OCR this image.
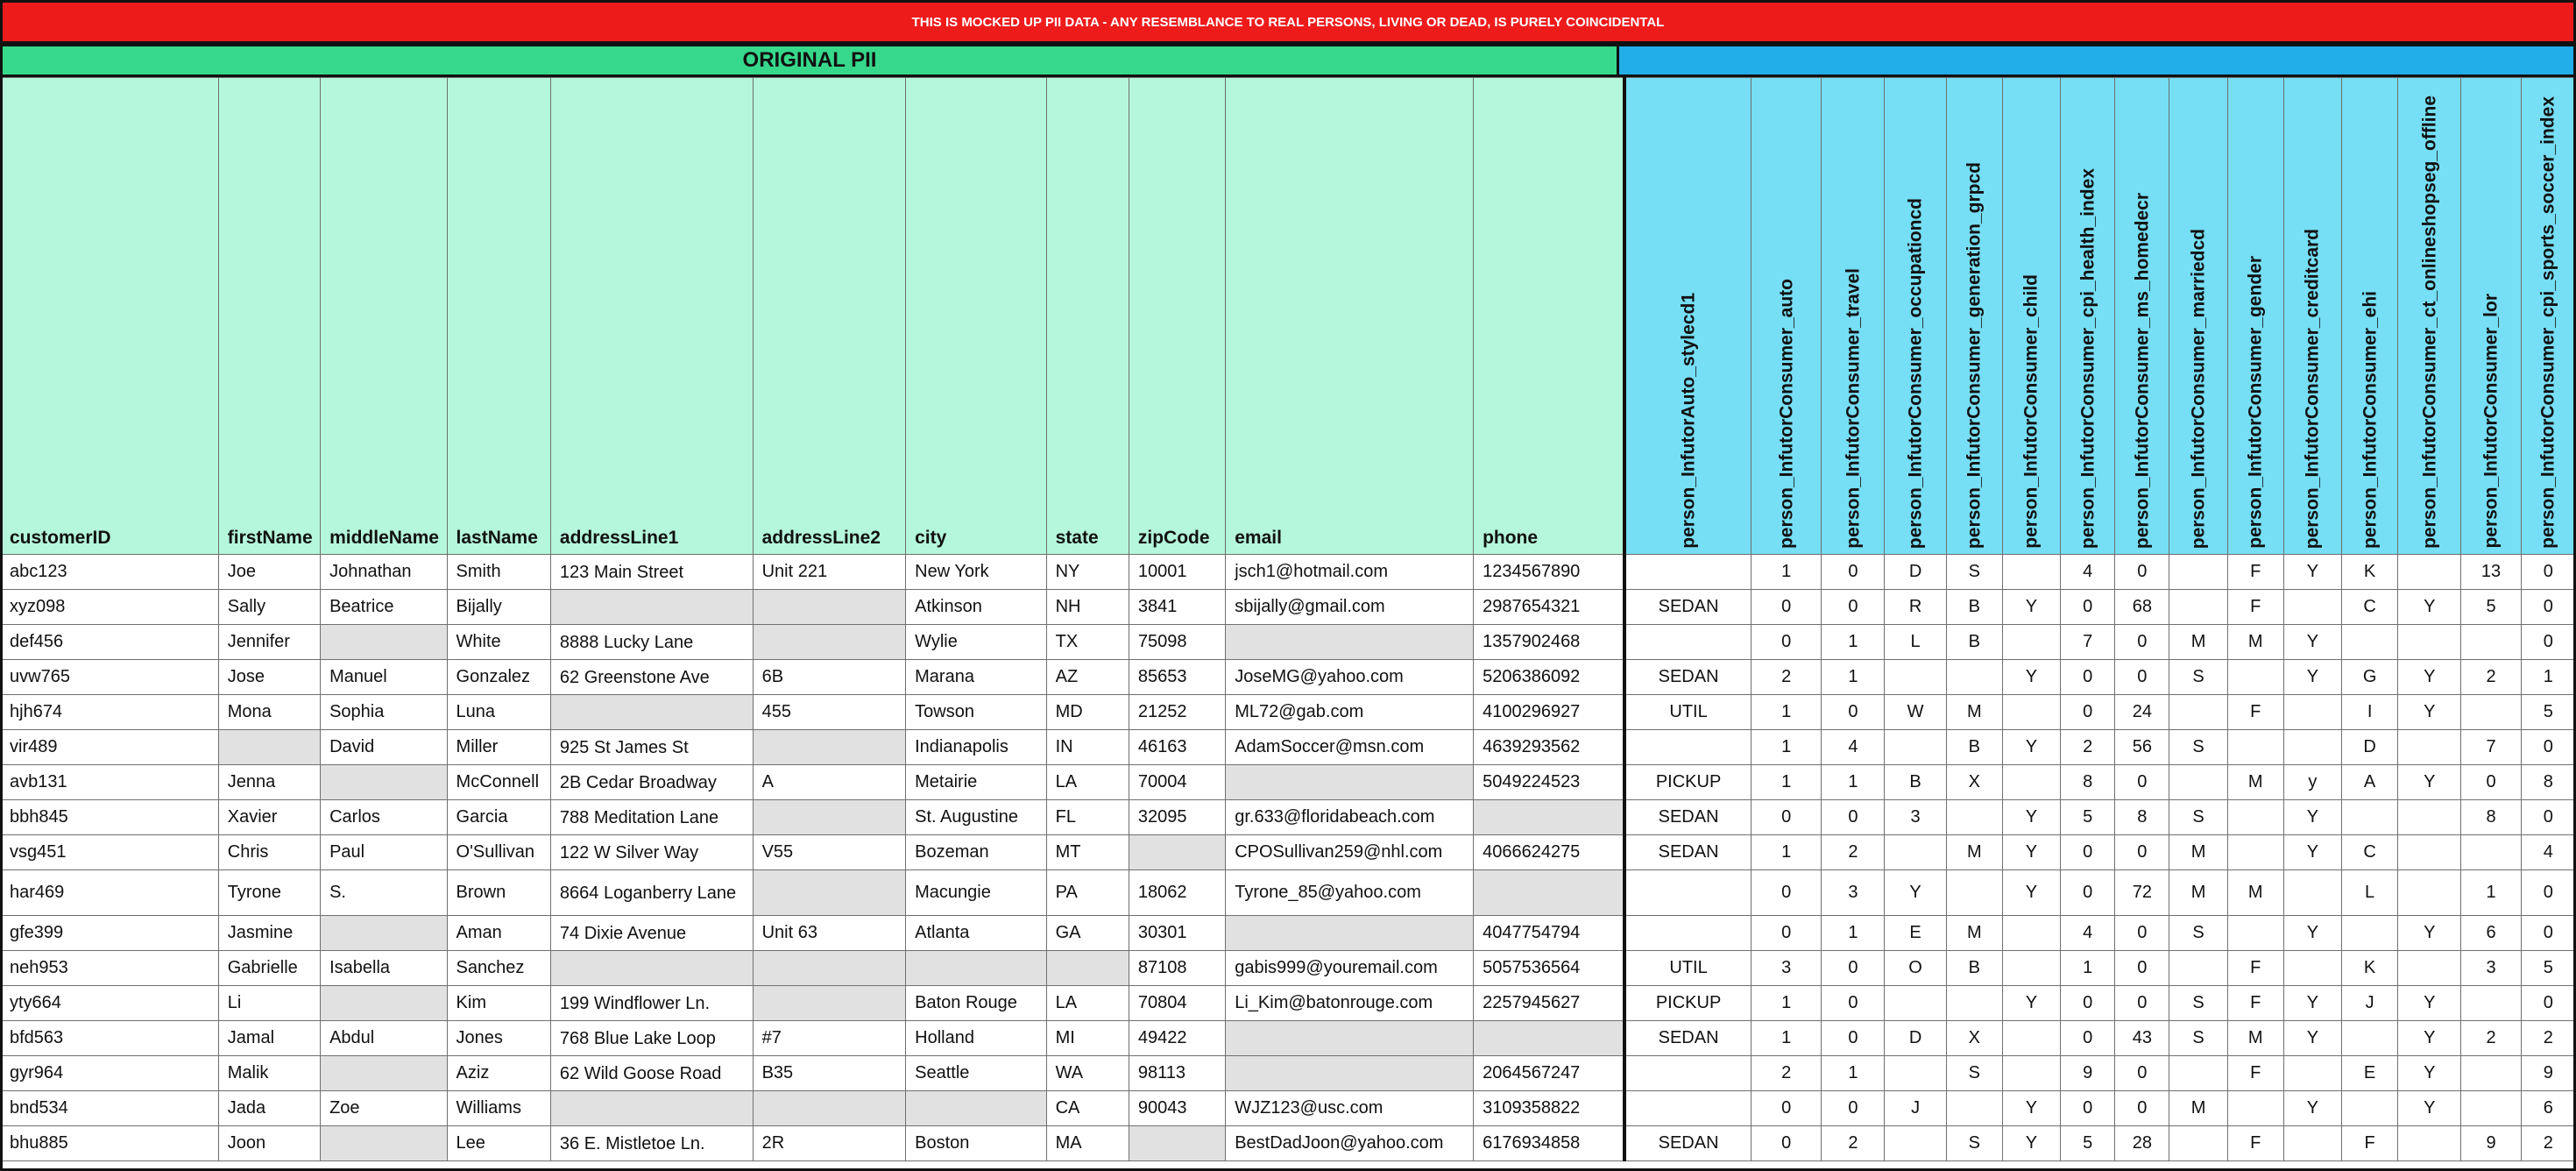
THIS IS MOCKED UP PII DATA - ANY RESEMBLANCE TO REAL PERSONS, LIVING OR DEAD, IS PURELY COINCIDENTAL
ORIGINAL PII
customerID	firstName	middleName	lastName	addressLine1	addressLine2	city	state	zipCode	email	phone	person_InfutorAuto_stylecd1	person_InfutorConsumer_auto	person_InfutorConsumer_travel	person_InfutorConsumer_occupationcd	person_InfutorConsumer_generation_grpcd	person_InfutorConsumer_child	person_InfutorConsumer_cpi_health_index	person_InfutorConsumer_ms_homedecr	person_InfutorConsumer_marriedcd	person_InfutorConsumer_gender	person_InfutorConsumer_creditcard	person_InfutorConsumer_ehi	person_InfutorConsumer_ct_onlineshopseg_offline	person_InfutorConsumer_lor	person_InfutorConsumer_cpi_sports_soccer_index

abc123	Joe	Johnathan	Smith	123 Main Street	Unit 221	New York	NY	10001	jsch1@hotmail.com	1234567890		1	0	D	S		4	0		F	Y	K		13	0
xyz098	Sally	Beatrice	Bijally			Atkinson	NH	3841	sbijally@gmail.com	2987654321	SEDAN	0	0	R	B	Y	0	68		F		C	Y	5	0
def456	Jennifer		White	8888 Lucky Lane		Wylie	TX	75098		1357902468		0	1	L	B		7	0	M	M	Y				0
uvw765	Jose	Manuel	Gonzalez	62 Greenstone Ave	6B	Marana	AZ	85653	JoseMG@yahoo.com	5206386092	SEDAN	2	1			Y	0	0	S		Y	G	Y	2	1
hjh674	Mona	Sophia	Luna		455	Towson	MD	21252	ML72@gab.com	4100296927	UTIL	1	0	W	M		0	24		F		I	Y		5
vir489		David	Miller	925 St James St		Indianapolis	IN	46163	AdamSoccer@msn.com	4639293562		1	4		B	Y	2	56	S			D		7	0
avb131	Jenna		McConnell	2B Cedar Broadway	A	Metairie	LA	70004		5049224523	PICKUP	1	1	B	X		8	0		M	y	A	Y	0	8
bbh845	Xavier	Carlos	Garcia	788 Meditation Lane		St. Augustine	FL	32095	gr.633@floridabeach.com		SEDAN	0	0	3		Y	5	8	S		Y			8	0
vsg451	Chris	Paul	O'Sullivan	122 W Silver Way	V55	Bozeman	MT		CPOSullivan259@nhl.com	4066624275	SEDAN	1	2		M	Y	0	0	M		Y	C			4
har469	Tyrone	S.	Brown	8664 Loganberry Lane		Macungie	PA	18062	Tyrone_85@yahoo.com			0	3	Y		Y	0	72	M	M		L		1	0
gfe399	Jasmine		Aman	74 Dixie Avenue	Unit 63	Atlanta	GA	30301		4047754794		0	1	E	M		4	0	S		Y		Y	6	0
neh953	Gabrielle	Isabella	Sanchez					87108	gabis999@youremail.com	5057536564	UTIL	3	0	O	B		1	0		F		K		3	5
yty664	Li		Kim	199 Windflower Ln.		Baton Rouge	LA	70804	Li_Kim@batonrouge.com	2257945627	PICKUP	1	0			Y	0	0	S	F	Y	J	Y		0
bfd563	Jamal	Abdul	Jones	768 Blue Lake Loop	#7	Holland	MI	49422			SEDAN	1	0	D	X		0	43	S	M	Y		Y	2	2
gyr964	Malik		Aziz	62 Wild Goose Road	B35	Seattle	WA	98113		2064567247		2	1		S		9	0		F		E	Y		9
bnd534	Jada	Zoe	Williams				CA	90043	WJZ123@usc.com	3109358822		0	0	J		Y	0	0	M		Y		Y		6
bhu885	Joon		Lee	36 E. Mistletoe Ln.	2R	Boston	MA		BestDadJoon@yahoo.com	6176934858	SEDAN	0	2		S	Y	5	28		F		F		9	2
